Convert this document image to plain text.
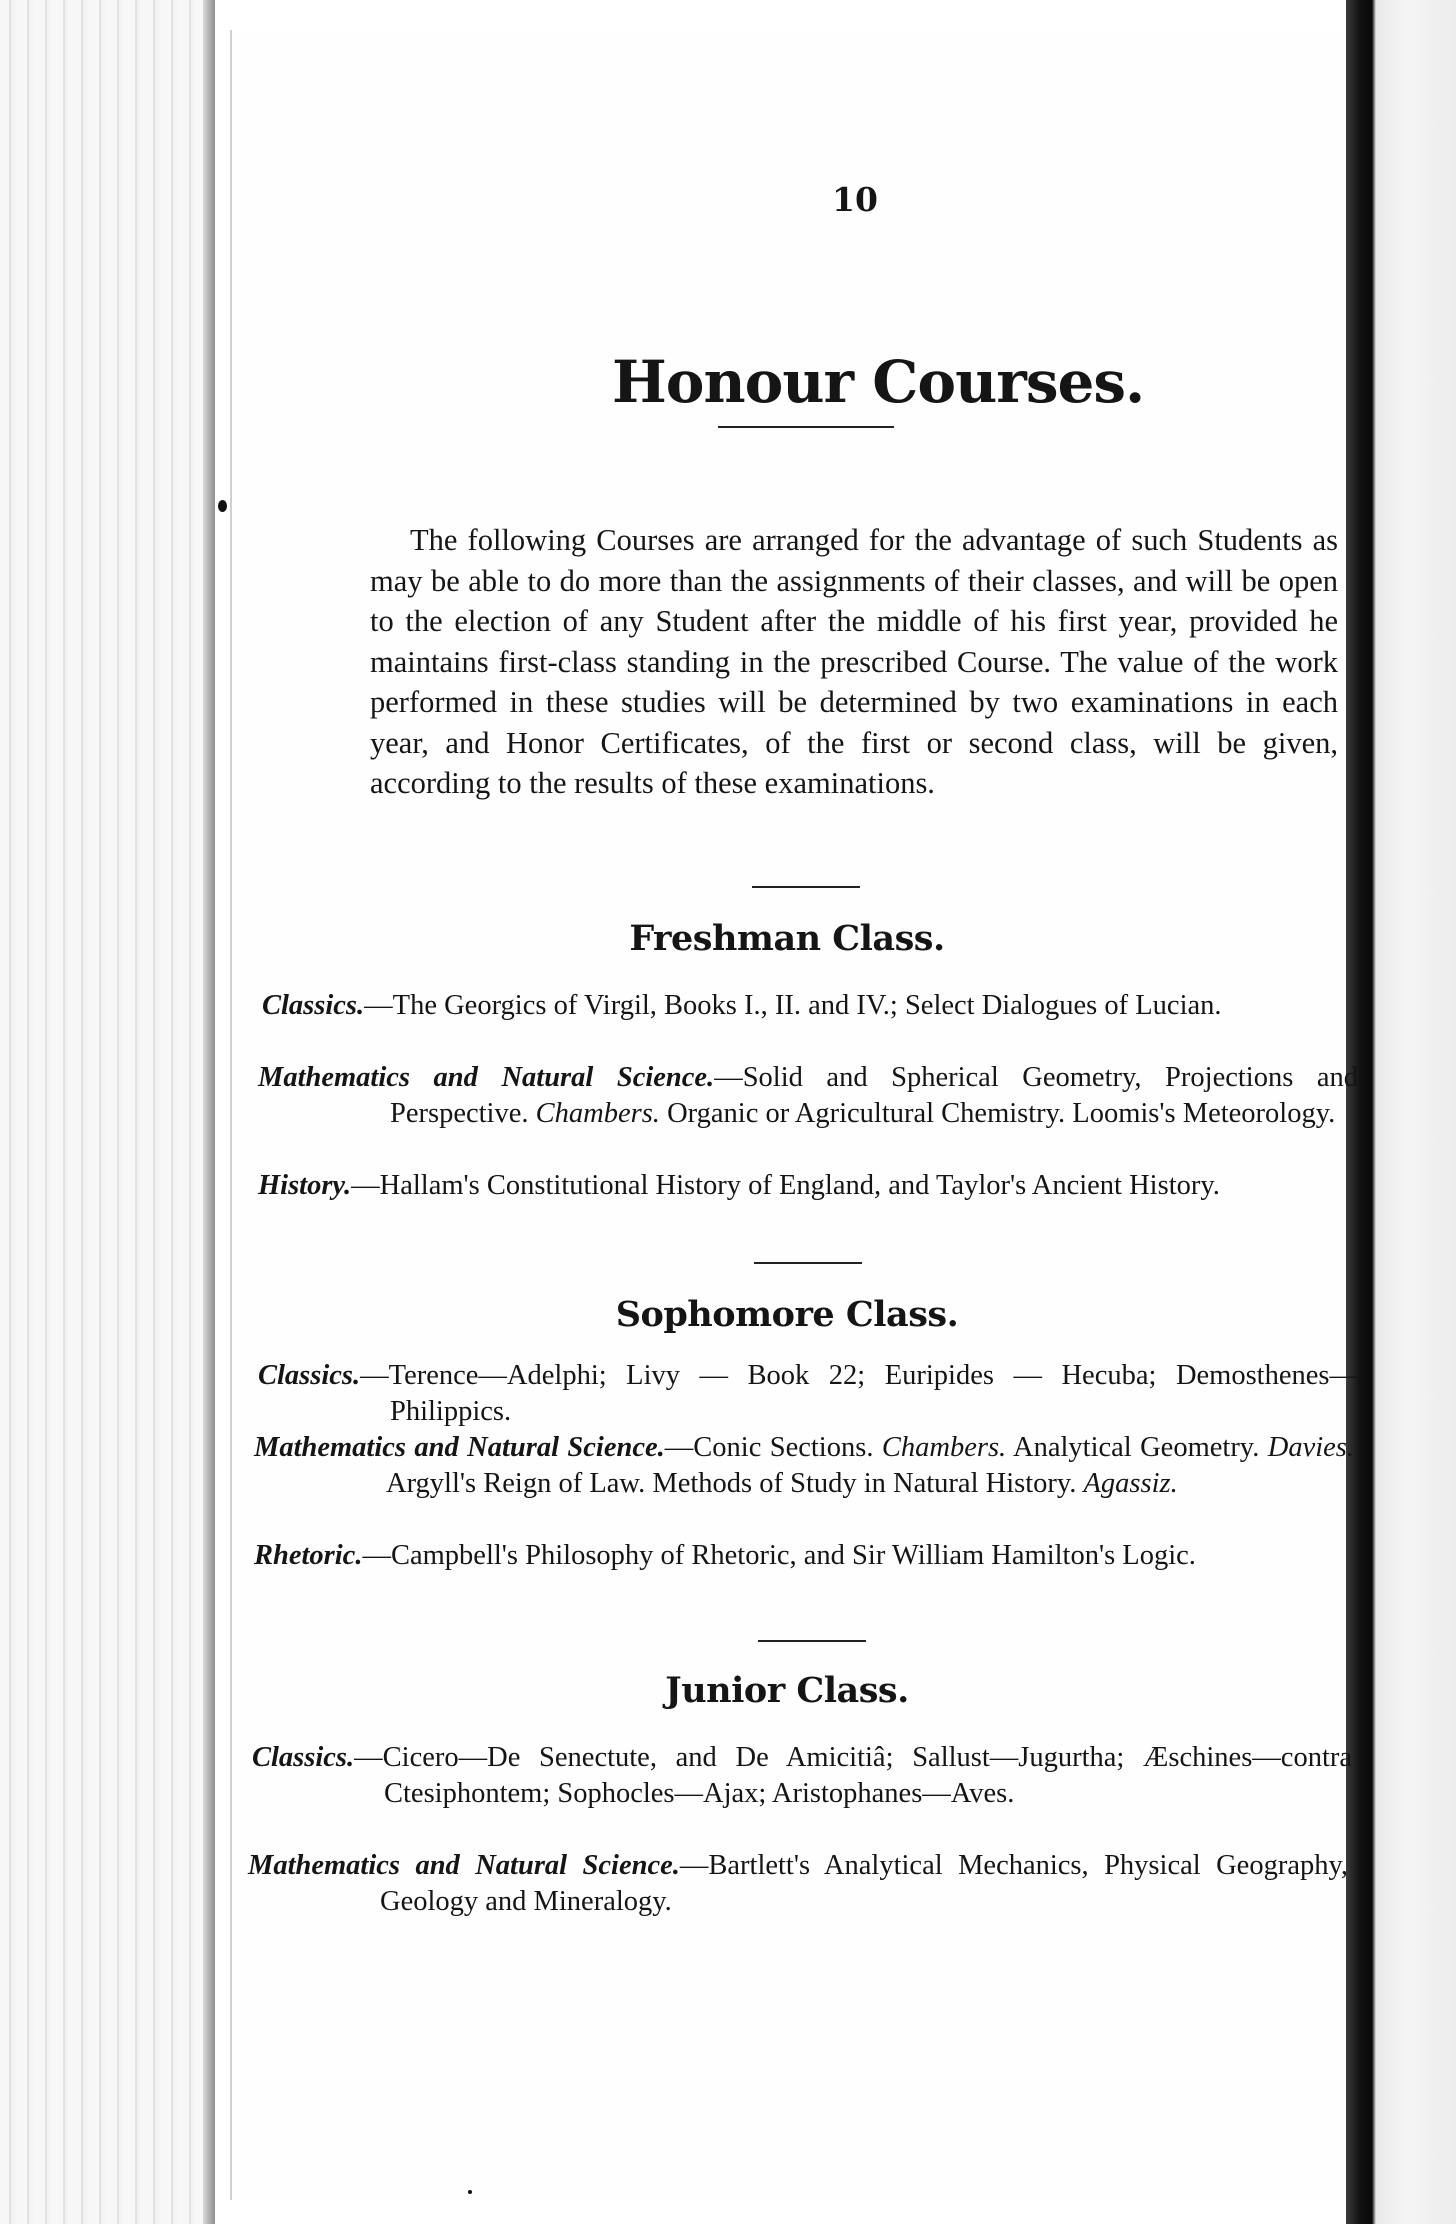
10
Honour Courses.

The following Courses are arranged for the advantage of such Students as may be able to do more than the assignments of their classes, and will be open to the election of any Student after the middle of his first year, provided he maintains first-class standing in the prescribed Course. The value of the work performed in these studies will be determined by two examinations in each year, and Honor Certificates, of the first or second class, will be given, according to the results of these examinations.

Freshman Class.
Classics.—The Georgics of Virgil, Books I., II. and IV.; Select Dialogues of Lucian.
Mathematics and Natural Science.—Solid and Spherical Geometry, Projections and Perspective. Chambers. Organic or Agricultural Chemistry. Loomis's Meteorology.
History.—Hallam's Constitutional History of England, and Taylor's Ancient History.
Sophomore Class.
Classics.—Terence—Adelphi; Livy — Book 22; Euripides — Hecuba; Demosthenes—Philippics.
Mathematics and Natural Science.—Conic Sections. Chambers. Analytical Geometry. Davies. Argyll's Reign of Law. Methods of Study in Natural History. Agassiz.
Rhetoric.—Campbell's Philosophy of Rhetoric, and Sir William Hamilton's Logic.
Junior Class.
Classics.—Cicero—De Senectute, and De Amicitiâ; Sallust—Jugurtha; Æschines—contra Ctesiphontem; Sophocles—Ajax; Aristophanes—Aves.
Mathematics and Natural Science.—Bartlett's Analytical Mechanics, Physical Geography, Geology and Mineralogy.
